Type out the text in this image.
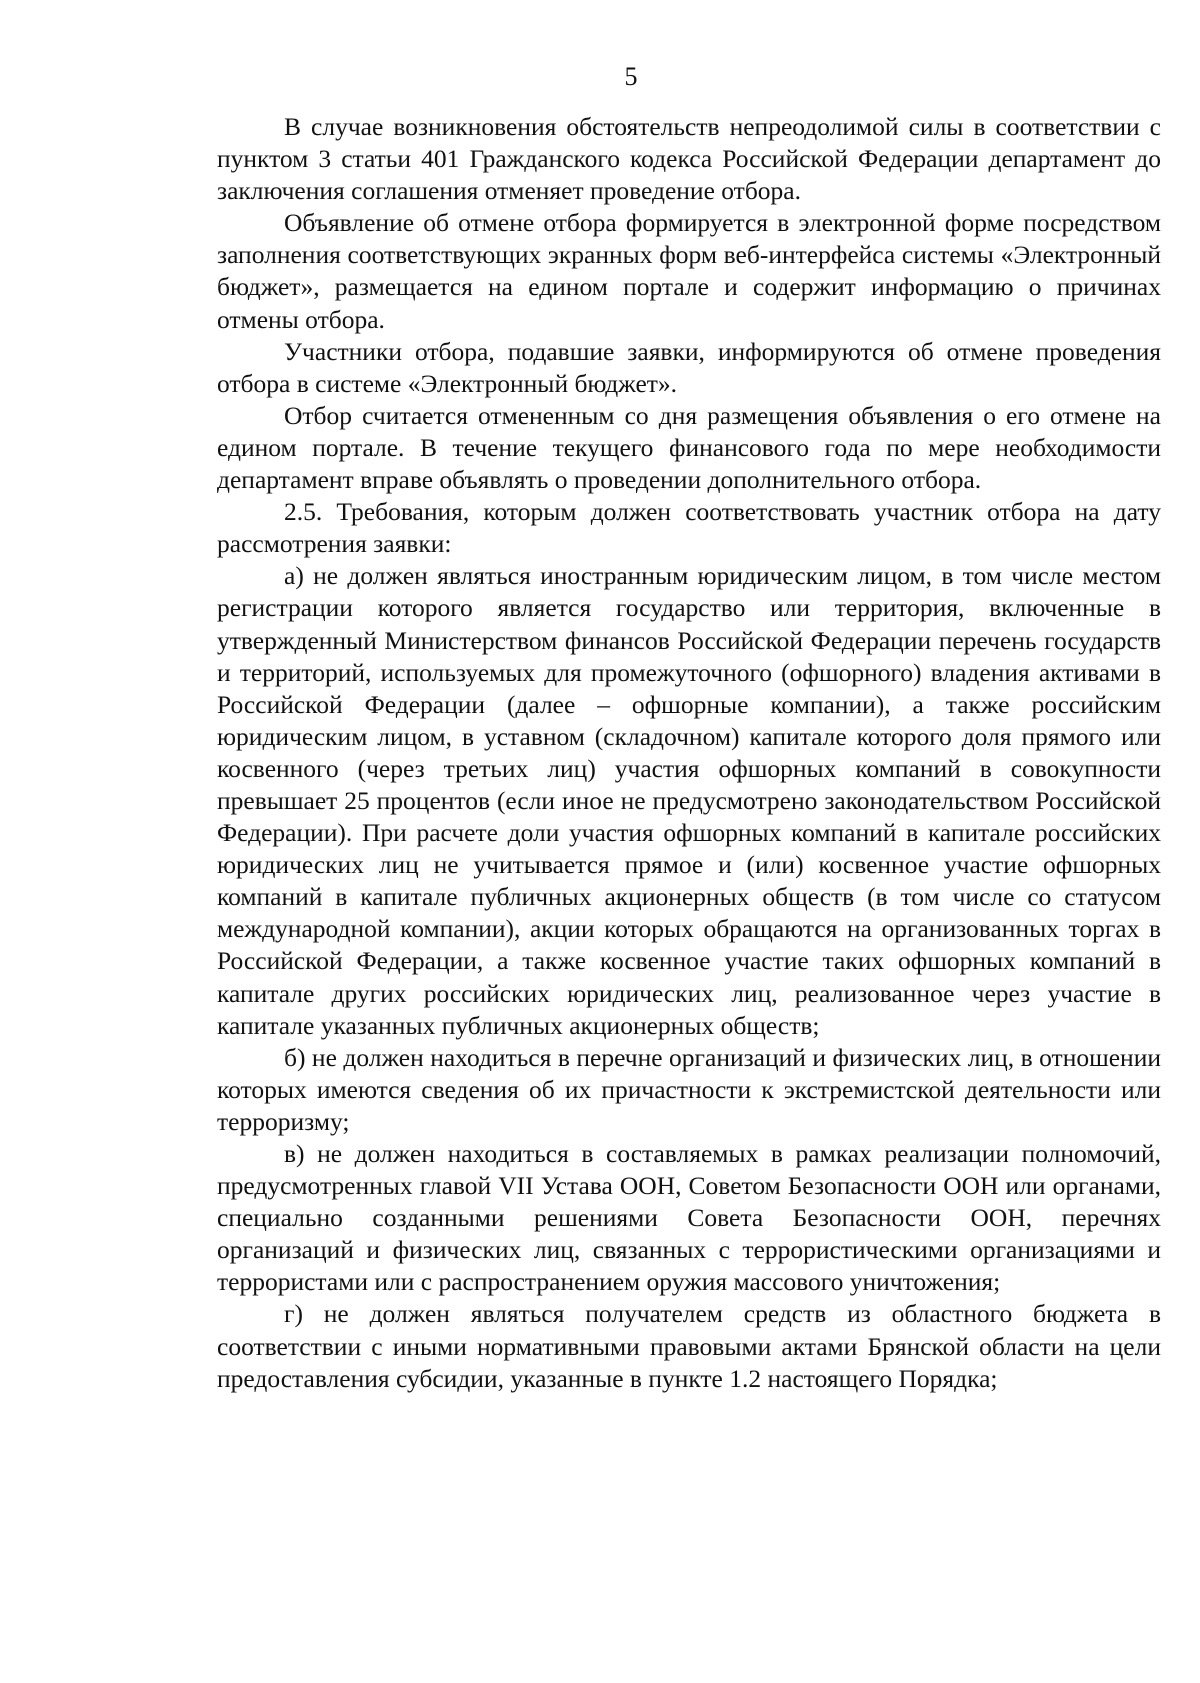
5

В случае возникновения обстоятельств непреодолимой силы в соответствии с пунктом 3 статьи 401 Гражданского кодекса Российской Федерации департамент до заключения соглашения отменяет проведение отбора.

Объявление об отмене отбора формируется в электронной форме посредством заполнения соответствующих экранных форм веб-интерфейса системы «Электронный бюджет», размещается на едином портале и содержит информацию о причинах отмены отбора.

Участники отбора, подавшие заявки, информируются об отмене проведения отбора в системе «Электронный бюджет».

Отбор считается отмененным со дня размещения объявления о его отмене на едином портале. В течение текущего финансового года по мере необходимости департамент вправе объявлять о проведении дополнительного отбора.

2.5. Требования, которым должен соответствовать участник отбора на дату рассмотрения заявки:

а) не должен являться иностранным юридическим лицом, в том числе местом регистрации которого является государство или территория, включенные в утвержденный Министерством финансов Российской Федерации перечень государств и территорий, используемых для промежуточного (офшорного) владения активами в Российской Федерации (далее – офшорные компании), а также российским юридическим лицом, в уставном (складочном) капитале которого доля прямого или косвенного (через третьих лиц) участия офшорных компаний в совокупности превышает 25 процентов (если иное не предусмотрено законодательством Российской Федерации). При расчете доли участия офшорных компаний в капитале российских юридических лиц не учитывается прямое и (или) косвенное участие офшорных компаний в капитале публичных акционерных обществ (в том числе со статусом международной компании), акции которых обращаются на организованных торгах в Российской Федерации, а также косвенное участие таких офшорных компаний в капитале других российских юридических лиц, реализованное через участие в капитале указанных публичных акционерных обществ;

б) не должен находиться в перечне организаций и физических лиц, в отношении которых имеются сведения об их причастности к экстремистской деятельности или терроризму;

в) не должен находиться в составляемых в рамках реализации полномочий, предусмотренных главой VII Устава ООН, Советом Безопасности ООН или органами, специально созданными решениями Совета Безопасности ООН, перечнях организаций и физических лиц, связанных с террористическими организациями и террористами или с распространением оружия массового уничтожения;

г) не должен являться получателем средств из областного бюджета в соответствии с иными нормативными правовыми актами Брянской области на цели предоставления субсидии, указанные в пункте 1.2 настоящего Порядка;
